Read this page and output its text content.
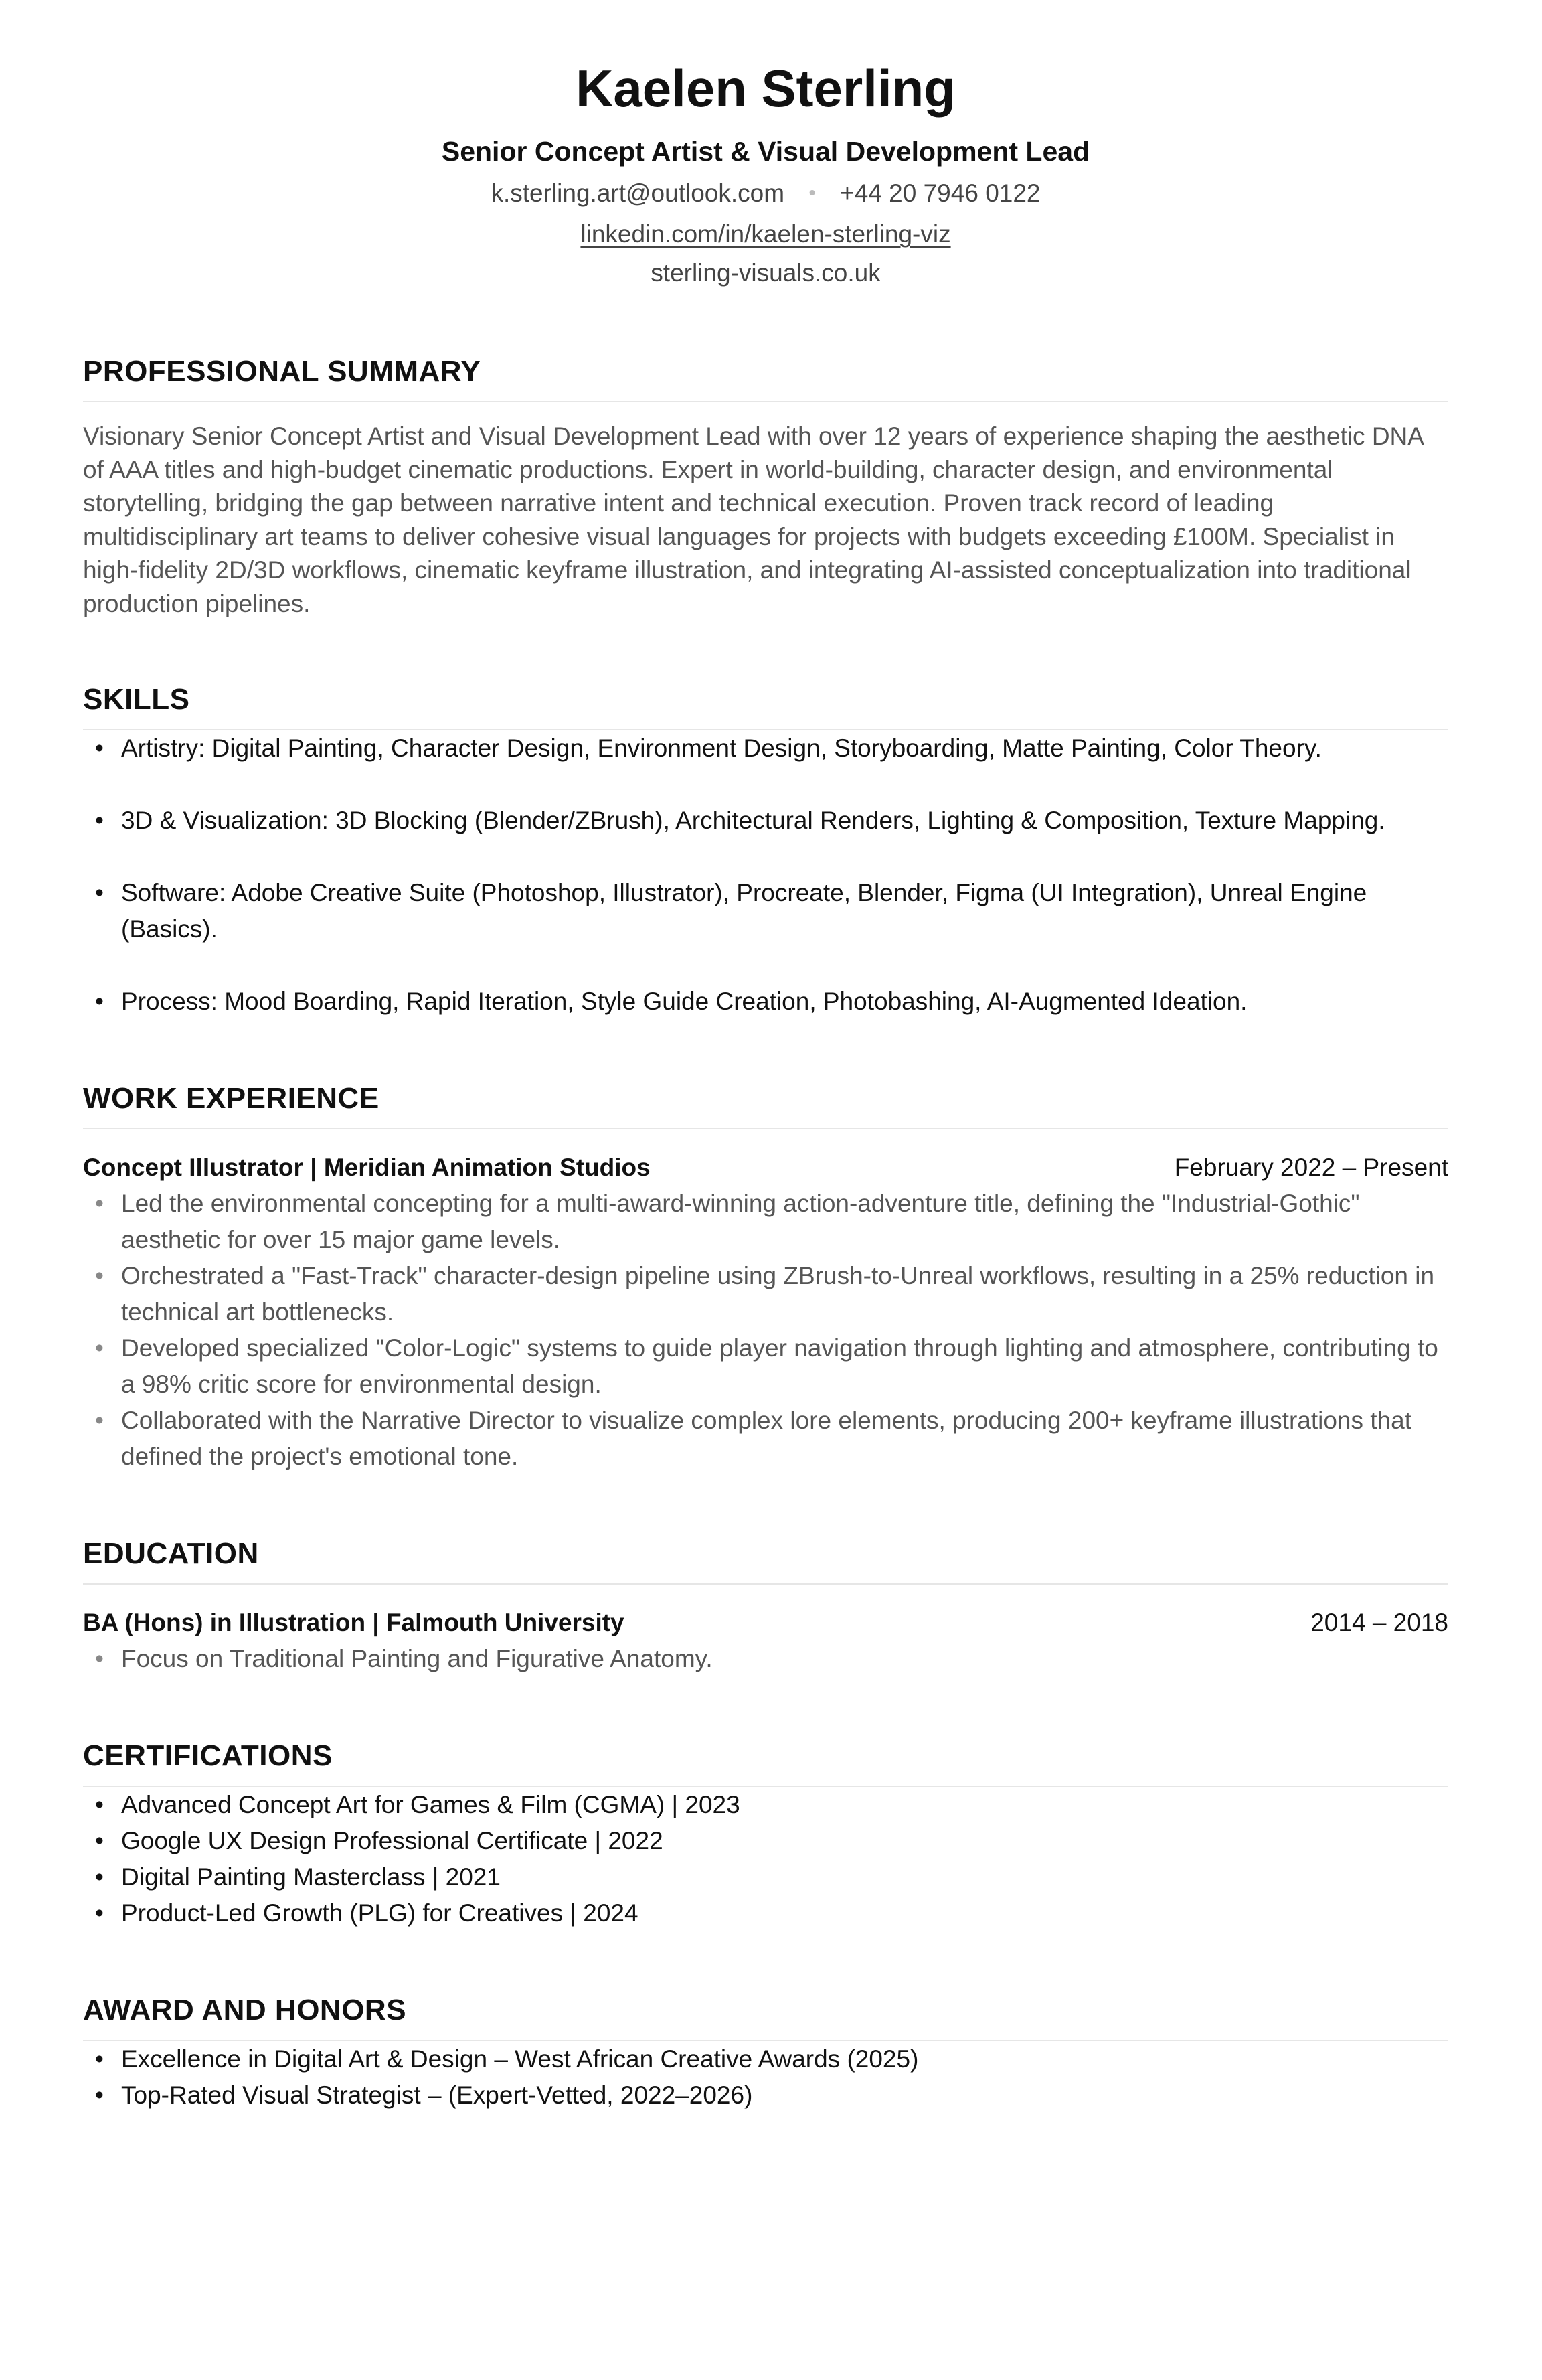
Kaelen Sterling
Senior Concept Artist & Visual Development Lead
k.sterling.art@outlook.com • +44 20 7946 0122
linkedin.com/in/kaelen-sterling-viz
sterling-visuals.co.uk
PROFESSIONAL SUMMARY
Visionary Senior Concept Artist and Visual Development Lead with over 12 years of experience shaping the aesthetic DNA of AAA titles and high-budget cinematic productions. Expert in world-building, character design, and environmental storytelling, bridging the gap between narrative intent and technical execution. Proven track record of leading multidisciplinary art teams to deliver cohesive visual languages for projects with budgets exceeding £100M. Specialist in high-fidelity 2D/3D workflows, cinematic keyframe illustration, and integrating AI-assisted conceptualization into traditional production pipelines.
SKILLS
• Artistry: Digital Painting, Character Design, Environment Design, Storyboarding, Matte Painting, Color Theory.
• 3D & Visualization: 3D Blocking (Blender/ZBrush), Architectural Renders, Lighting & Composition, Texture Mapping.
• Software: Adobe Creative Suite (Photoshop, Illustrator), Procreate, Blender, Figma (UI Integration), Unreal Engine (Basics).
• Process: Mood Boarding, Rapid Iteration, Style Guide Creation, Photobashing, AI-Augmented Ideation.
WORK EXPERIENCE
Concept Illustrator | Meridian Animation Studios	February 2022 – Present
• Led the environmental concepting for a multi-award-winning action-adventure title, defining the "Industrial-Gothic" aesthetic for over 15 major game levels.
• Orchestrated a "Fast-Track" character-design pipeline using ZBrush-to-Unreal workflows, resulting in a 25% reduction in technical art bottlenecks.
• Developed specialized "Color-Logic" systems to guide player navigation through lighting and atmosphere, contributing to a 98% critic score for environmental design.
• Collaborated with the Narrative Director to visualize complex lore elements, producing 200+ keyframe illustrations that defined the project's emotional tone.
EDUCATION
BA (Hons) in Illustration | Falmouth University	2014 – 2018
• Focus on Traditional Painting and Figurative Anatomy.
CERTIFICATIONS
• Advanced Concept Art for Games & Film (CGMA) | 2023
• Google UX Design Professional Certificate | 2022
• Digital Painting Masterclass | 2021
• Product-Led Growth (PLG) for Creatives | 2024
AWARD AND HONORS
• Excellence in Digital Art & Design – West African Creative Awards (2025)
• Top-Rated Visual Strategist – (Expert-Vetted, 2022–2026)
